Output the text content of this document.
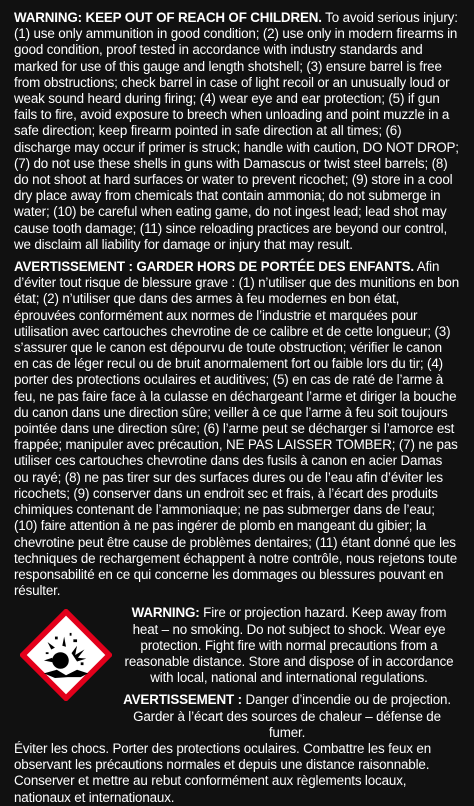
WARNING: KEEP OUT OF REACH OF CHILDREN. To avoid serious injury: (1) use only ammunition in good condition; (2) use only in modern firearms in good condition, proof tested in accordance with industry standards and marked for use of this gauge and length shotshell; (3) ensure barrel is free from obstructions; check barrel in case of light recoil or an unusually loud or weak sound heard during firing; (4) wear eye and ear protection; (5) if gun fails to fire, avoid exposure to breech when unloading and point muzzle in a safe direction; keep firearm pointed in safe direction at all times; (6) discharge may occur if primer is struck; handle with caution, DO NOT DROP; (7) do not use these shells in guns with Damascus or twist steel barrels; (8) do not shoot at hard surfaces or water to prevent ricochet; (9) store in a cool dry place away from chemicals that contain ammonia; do not submerge in water; (10) be careful when eating game, do not ingest lead; lead shot may cause tooth damage; (11) since reloading practices are beyond our control, we disclaim all liability for damage or injury that may result.

AVERTISSEMENT : GARDER HORS DE PORTÉE DES ENFANTS. Afin d’éviter tout risque de blessure grave : (1) n’utiliser que des munitions en bon état; (2) n’utiliser que dans des armes à feu modernes en bon état, éprouvées conformément aux normes de l’industrie et marquées pour utilisation avec cartouches chevrotine de ce calibre et de cette longueur; (3) s’assurer que le canon est dépourvu de toute obstruction; vérifier le canon en cas de léger recul ou de bruit anormalement fort ou faible lors du tir; (4) porter des protections oculaires et auditives; (5) en cas de raté de l’arme à feu, ne pas faire face à la culasse en déchargeant l’arme et diriger la bouche du canon dans une direction sûre; veiller à ce que l’arme à feu soit toujours pointée dans une direction sûre; (6) l’arme peut se décharger si l’amorce est frappée; manipuler avec précaution, NE PAS LAISSER TOMBER; (7) ne pas utiliser ces cartouches chevrotine dans des fusils à canon en acier Damas ou rayé; (8) ne pas tirer sur des surfaces dures ou de l’eau afin d’éviter les ricochets; (9) conserver dans un endroit sec et frais, à l’écart des produits chimiques contenant de l’ammoniaque; ne pas submerger dans de l’eau; (10) faire attention à ne pas ingérer de plomb en mangeant du gibier; la chevrotine peut être cause de problèmes dentaires; (11) étant donné que les techniques de rechargement échappent à notre contrôle, nous rejetons toute responsabilité en ce qui concerne les dommages ou blessures pouvant en résulter.

WARNING: Fire or projection hazard. Keep away from heat – no smoking. Do not subject to shock. Wear eye protection. Fight fire with normal precautions from a reasonable distance. Store and dispose of in accordance with local, national and international regulations.
AVERTISSEMENT : Danger d’incendie ou de projection. Garder à l’écart des sources de chaleur – défense de fumer.
Éviter les chocs. Porter des protections oculaires. Combattre les feux en observant les précautions normales et depuis une distance raisonnable. Conserver et mettre au rebut conformément aux règlements locaux, nationaux et internationaux.
